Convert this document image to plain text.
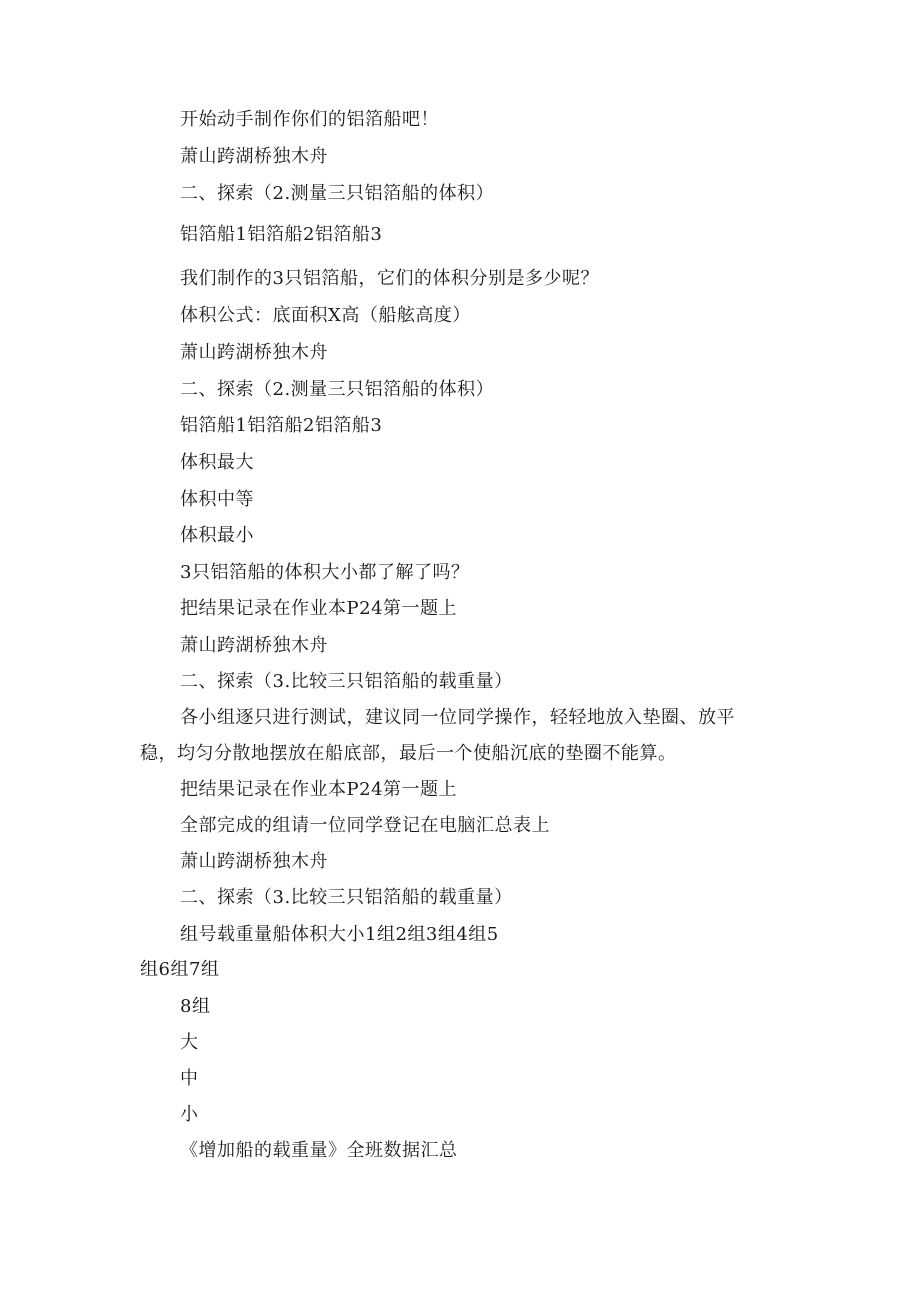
开始动手制作你们的铝箔船吧！
萧山跨湖桥独木舟
二、探索（2.测量三只铝箔船的体积）
铝箔船1铝箔船2铝箔船3
我们制作的3只铝箔船，它们的体积分别是多少呢？
体积公式：底面积X高（船舷高度）
萧山跨湖桥独木舟
二、探索（2.测量三只铝箔船的体积）
铝箔船1铝箔船2铝箔船3
体积最大
体积中等
体积最小
3只铝箔船的体积大小都了解了吗？
把结果记录在作业本P24第一题上
萧山跨湖桥独木舟
二、探索（3.比较三只铝箔船的载重量）
各小组逐只进行测试，建议同一位同学操作，轻轻地放入垫圈、放平
稳，均匀分散地摆放在船底部，最后一个使船沉底的垫圈不能算。
把结果记录在作业本P24第一题上
全部完成的组请一位同学登记在电脑汇总表上
萧山跨湖桥独木舟
二、探索（3.比较三只铝箔船的载重量）
组号载重量船体积大小1组2组3组4组5
组6组7组
8组
大
中
小
《增加船的载重量》全班数据汇总
